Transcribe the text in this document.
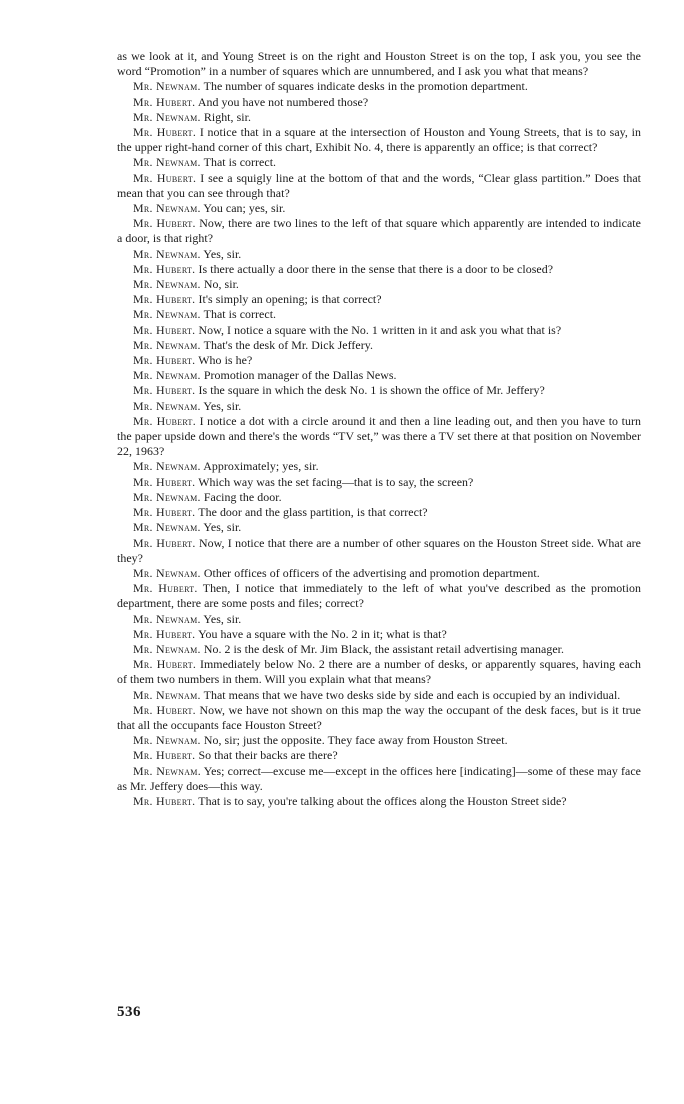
as we look at it, and Young Street is on the right and Houston Street is on the top, I ask you, you see the word “Promotion” in a number of squares which are unnumbered, and I ask you what that means?

Mr. Newnam. The number of squares indicate desks in the promotion department.

Mr. Hubert. And you have not numbered those?

Mr. Newnam. Right, sir.

Mr. Hubert. I notice that in a square at the intersection of Houston and Young Streets, that is to say, in the upper right-hand corner of this chart, Exhibit No. 4, there is apparently an office; is that correct?

Mr. Newnam. That is correct.

Mr. Hubert. I see a squigly line at the bottom of that and the words, “Clear glass partition.” Does that mean that you can see through that?

Mr. Newnam. You can; yes, sir.

Mr. Hubert. Now, there are two lines to the left of that square which apparently are intended to indicate a door, is that right?

Mr. Newnam. Yes, sir.

Mr. Hubert. Is there actually a door there in the sense that there is a door to be closed?

Mr. Newnam. No, sir.

Mr. Hubert. It's simply an opening; is that correct?

Mr. Newnam. That is correct.

Mr. Hubert. Now, I notice a square with the No. 1 written in it and ask you what that is?

Mr. Newnam. That's the desk of Mr. Dick Jeffery.

Mr. Hubert. Who is he?

Mr. Newnam. Promotion manager of the Dallas News.

Mr. Hubert. Is the square in which the desk No. 1 is shown the office of Mr. Jeffery?

Mr. Newnam. Yes, sir.

Mr. Hubert. I notice a dot with a circle around it and then a line leading out, and then you have to turn the paper upside down and there's the words “TV set,” was there a TV set there at that position on November 22, 1963?

Mr. Newnam. Approximately; yes, sir.

Mr. Hubert. Which way was the set facing—that is to say, the screen?

Mr. Newnam. Facing the door.

Mr. Hubert. The door and the glass partition, is that correct?

Mr. Newnam. Yes, sir.

Mr. Hubert. Now, I notice that there are a number of other squares on the Houston Street side. What are they?

Mr. Newnam. Other offices of officers of the advertising and promotion department.

Mr. Hubert. Then, I notice that immediately to the left of what you've described as the promotion department, there are some posts and files; correct?

Mr. Newnam. Yes, sir.

Mr. Hubert. You have a square with the No. 2 in it; what is that?

Mr. Newnam. No. 2 is the desk of Mr. Jim Black, the assistant retail advertising manager.

Mr. Hubert. Immediately below No. 2 there are a number of desks, or apparently squares, having each of them two numbers in them. Will you explain what that means?

Mr. Newnam. That means that we have two desks side by side and each is occupied by an individual.

Mr. Hubert. Now, we have not shown on this map the way the occupant of the desk faces, but is it true that all the occupants face Houston Street?

Mr. Newnam. No, sir; just the opposite. They face away from Houston Street.

Mr. Hubert. So that their backs are there?

Mr. Newnam. Yes; correct—excuse me—except in the offices here [indicating]—some of these may face as Mr. Jeffery does—this way.

Mr. Hubert. That is to say, you're talking about the offices along the Houston Street side?

536
